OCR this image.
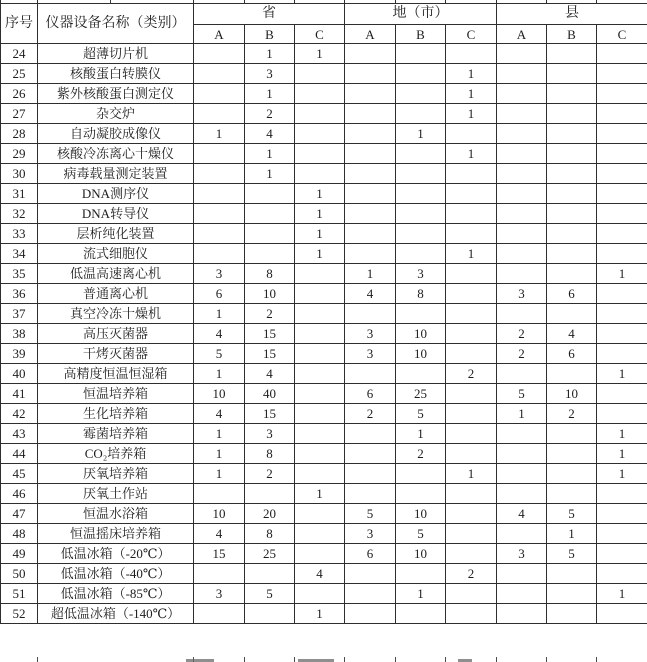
序号	仪器设备名称（类别）	省			地（市）			县		
		A	B	C	A	B	C	A	B	C
24	超薄切片机		1	1						
25	核酸蛋白转膜仪		3				1			
26	紫外核酸蛋白测定仪		1				1			
27	杂交炉		2				1			
28	自动凝胶成像仪	1	4			1				
29	核酸冷冻离心十燥仪		1				1			
30	病毒载量测定装置		1							
31	DNA测序仪			1						
32	DNA转导仪			1						
33	层析纯化装置			1						
34	流式细胞仪			1			1			
35	低温高速离心机	3	8		1	3				1
36	普通离心机	6	10		4	8		3	6	
37	真空冷冻十燥机	1	2							
38	高压灭菌器	4	15		3	10		2	4	
39	干烤灭菌器	5	15		3	10		2	6	
40	高精度恒温恒湿箱	1	4				2			1
41	恒温培养箱	10	40		6	25		5	10	
42	生化培养箱	4	15		2	5		1	2	
43	霉菌培养箱	1	3			1				1
44	CO₂培养箱	1	8			2				1
45	厌氧培养箱	1	2				1			1
46	厌氧土作站			1						
47	恒温水浴箱	10	20		5	10		4	5	
48	恒温摇床培养箱	4	8		3	5			1	
49	低温冰箱（-20℃）	15	25		6	10		3	5	
50	低温冰箱（-40℃）			4			2			
51	低温冰箱（-85℃）	3	5			1				1
52	超低温冰箱（-140℃）			1						
